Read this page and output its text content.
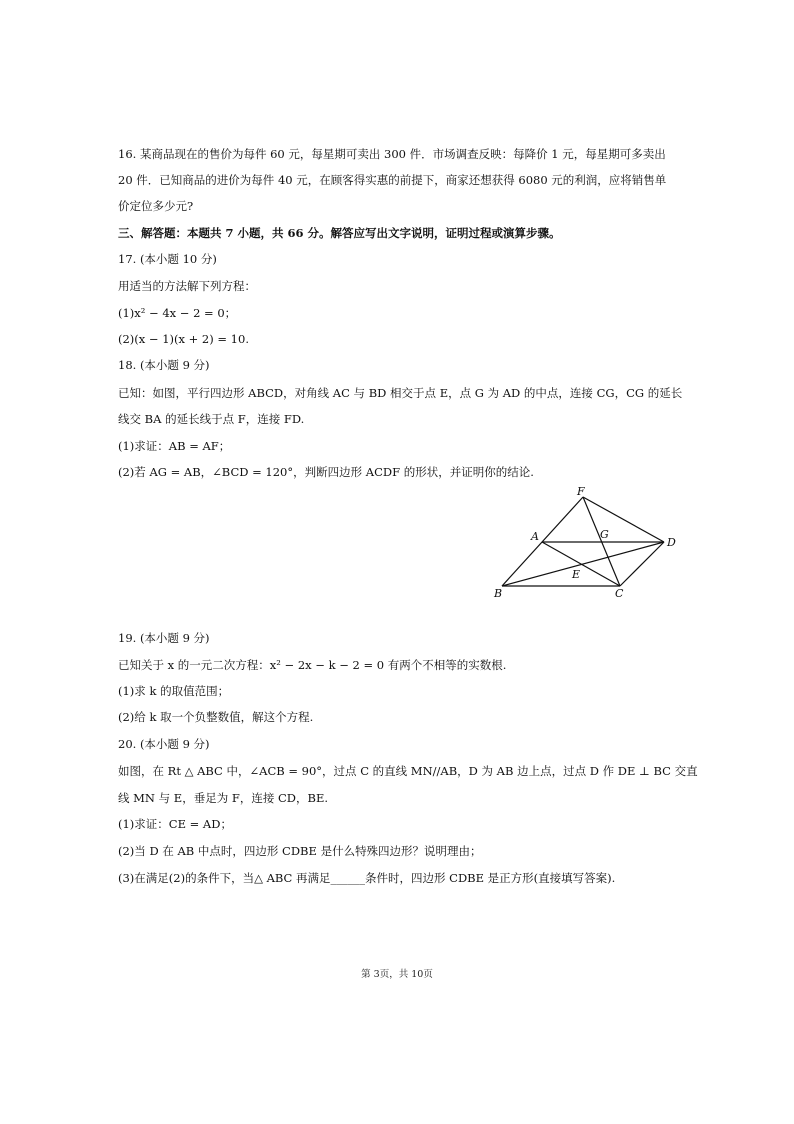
16. 某商品现在的售价为每件 60 元，每星期可卖出 300 件．市场调查反映：每降价 1 元，每星期可多卖出
20 件．已知商品的进价为每件 40 元，在顾客得实惠的前提下，商家还想获得 6080 元的利润，应将销售单
价定位多少元?
三、解答题：本题共 7 小题，共 66 分。解答应写出文字说明，证明过程或演算步骤。
17. (本小题 10 分)
用适当的方法解下列方程：
(1)x² − 4x − 2 = 0；
(2)(x − 1)(x + 2) = 10.
18. (本小题 9 分)
已知：如图，平行四边形 ABCD，对角线 AC 与 BD 相交于点 E，点 G 为 AD 的中点，连接 CG，CG 的延长
线交 BA 的延长线于点 F，连接 FD.
(1)求证：AB = AF；
(2)若 AG = AB，∠BCD = 120°，判断四边形 ACDF 的形状，并证明你的结论.
F
A	G
D
E
B	C
19. (本小题 9 分)
已知关于 x 的一元二次方程：x² − 2x − k − 2 = 0 有两个不相等的实数根.
(1)求 k 的取值范围；
(2)给 k 取一个负整数值，解这个方程.
20. (本小题 9 分)
如图，在 Rt △ ABC 中，∠ACB = 90°，过点 C 的直线 MN//AB，D 为 AB 边上点，过点 D 作 DE ⊥ BC 交直
线 MN 与 E，垂足为 F，连接 CD，BE.
(1)求证：CE = AD；
(2)当 D 在 AB 中点时，四边形 CDBE 是什么特殊四边形？说明理由；
(3)在满足(2)的条件下，当△ ABC 再满足______条件时，四边形 CDBE 是正方形(直接填写答案).
第 3页，共 10页
